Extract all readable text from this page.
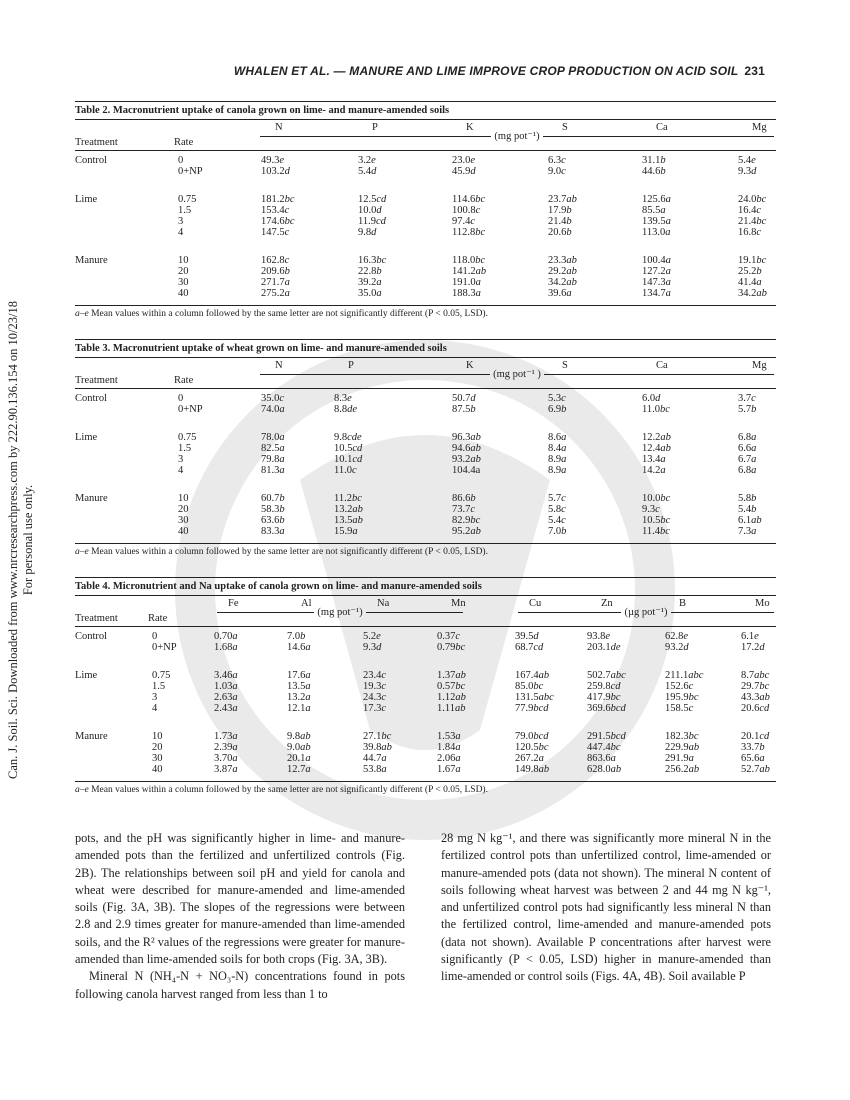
WHALEN ET AL. — MANURE AND LIME IMPROVE CROP PRODUCTION ON ACID SOIL 231
Can. J. Soil. Sci. Downloaded from www.nrcresearchpress.com by 222.90.136.154 on 10/23/18 For personal use only.
Table 2. Macronutrient uptake of canola grown on lime- and manure-amended soils
Treatment	Rate
N	P	K	S	Ca	Mg
(mg pot⁻¹)
Control	0	49.3e	3.2e	23.0e	6.3c	31.1b	5.4e
0+NP	103.2d	5.4d	45.9d	9.0c	44.6b	9.3d
Lime	0.75	181.2bc	12.5cd	114.6bc	23.7ab	125.6a	24.0bc
1.5	153.4c	10.0d	100.8c	17.9b	85.5a	16.4c
3	174.6bc	11.9cd	97.4c	21.4b	139.5a	21.4bc
4	147.5c	9.8d	112.8bc	20.6b	113.0a	16.8c
Manure	10	162.8c	16.3bc	118.0bc	23.3ab	100.4a	19.1bc
20	209.6b	22.8b	141.2ab	29.2ab	127.2a	25.2b
30	271.7a	39.2a	191.0a	34.2ab	147.3a	41.4a
40	275.2a	35.0a	188.3a	39.6a	134.7a	34.2ab
a–e Mean values within a column followed by the same letter are not significantly different (P < 0.05, LSD).
Table 3. Macronutrient uptake of wheat grown on lime- and manure-amended soils
Treatment	Rate
N	P	K	S	Ca	Mg
(mg pot⁻¹ )
Control	0	35.0c	8.3e	50.7d	5.3c	6.0d	3.7c
0+NP	74.0a	8.8de	87.5b	6.9b	11.0bc	5.7b
Lime	0.75	78.0a	9.8cde	96.3ab	8.6a	12.2ab	6.8a
1.5	82.5a	10.5cd	94.6ab	8.4a	12.4ab	6.6a
3	79.8a	10.1cd	93.2ab	8.9a	13.4a	6.7a
4	81.3a	11.0c	104.4a	8.9a	14.2a	6.8a
Manure	10	60.7b	11.2bc	86.6b	5.7c	10.0bc	5.8b
20	58.3b	13.2ab	73.7c	5.8c	9.3c	5.4b
30	63.6b	13.5ab	82.9bc	5.4c	10.5bc	6.1ab
40	83.3a	15.9a	95.2ab	7.0b	11.4bc	7.3a
a–e Mean values within a column followed by the same letter are not significantly different (P < 0.05, LSD).
Table 4. Micronutrient and Na uptake of canola grown on lime- and manure-amended soils
Treatment	Rate
Fe	Al	Na	Mn	Cu	Zn	B	Mo
(mg pot⁻¹)	(µg pot⁻¹)
Control	0	0.70a	7.0b	5.2e	0.37c	39.5d	93.8e	62.8e	6.1e
0+NP	1.68a	14.6a	9.3d	0.79bc	68.7cd	203.1de	93.2d	17.2d
Lime	0.75	3.46a	17.6a	23.4c	1.37ab	167.4ab	502.7abc	211.1abc	8.7abc
1.5	1.03a	13.5a	19.3c	0.57bc	85.0bc	259.8cd	152.6c	29.7bc
3	2.63a	13.2a	24.3c	1.12ab	131.5abc	417.9bc	195.9bc	43.3ab
4	2.43a	12.1a	17.3c	1.11ab	77.9bcd	369.6bcd	158.5c	20.6cd
Manure	10	1.73a	9.8ab	27.1bc	1.53a	79.0bcd	291.5bcd	182.3bc	20.1cd
20	2.39a	9.0ab	39.8ab	1.84a	120.5bc	447.4bc	229.9ab	33.7b
30	3.70a	20.1a	44.7a	2.06a	267.2a	863.6a	291.9a	65.6a
40	3.87a	12.7a	53.8a	1.67a	149.8ab	628.0ab	256.2ab	52.7ab
a–e Mean values within a column followed by the same letter are not significantly different (P < 0.05, LSD).

pots, and the pH was significantly higher in lime- and manure-amended pots than the fertilized and unfertilized controls (Fig. 2B). The relationships between soil pH and yield for canola and wheat were described for manure-amended and lime-amended soils (Fig. 3A, 3B). The slopes of the regressions were between 2.8 and 2.9 times greater for manure-amended than lime-amended soils, and the R² values of the regressions were greater for manure-amended than lime-amended soils for both crops (Fig. 3A, 3B).

Mineral N (NH₄-N + NO₃-N) concentrations found in pots following canola harvest ranged from less than 1 to

28 mg N kg⁻¹, and there was significantly more mineral N in the fertilized control pots than unfertilized control, lime-amended or manure-amended pots (data not shown). The mineral N content of soils following wheat harvest was between 2 and 44 mg N kg⁻¹, and unfertilized control pots had significantly less mineral N than the fertilized control, lime-amended and manure-amended pots (data not shown). Available P concentrations after harvest were significantly (P < 0.05, LSD) higher in manure-amended than lime-amended or control soils (Figs. 4A, 4B). Soil available P
